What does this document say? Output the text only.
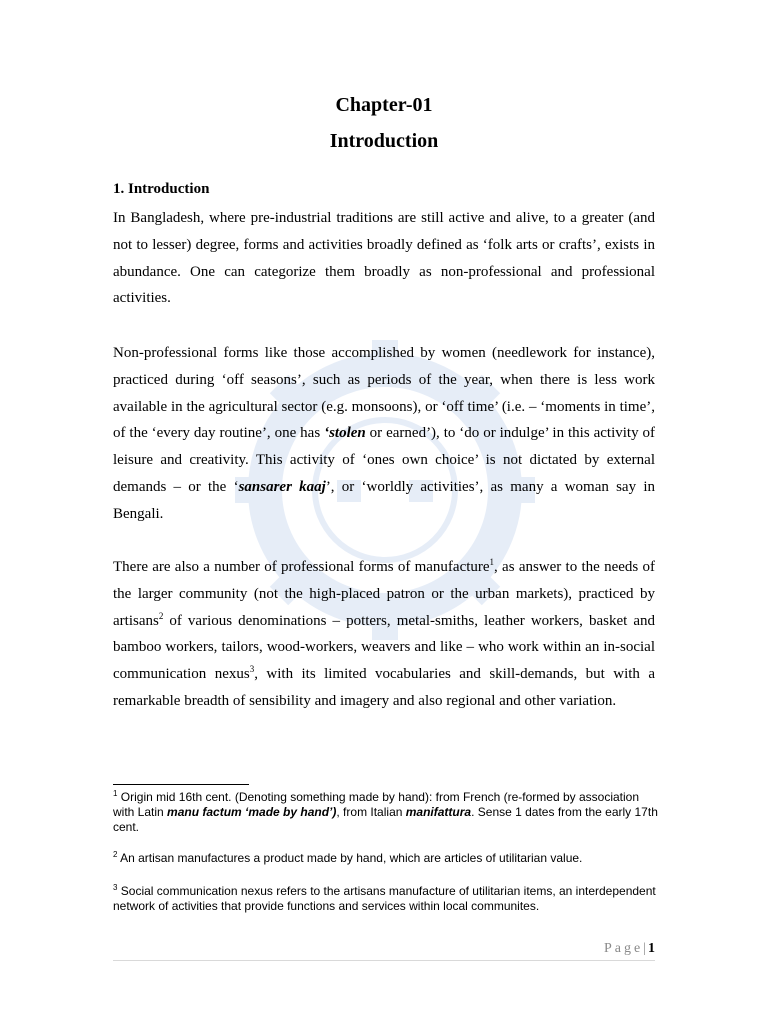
Chapter-01
Introduction
1. Introduction
In Bangladesh, where pre-industrial traditions are still active and alive, to a greater (and not to lesser) degree, forms and activities broadly defined as ‘folk arts or crafts’, exists in abundance. One can categorize them broadly as non-professional and professional activities.
Non-professional forms like those accomplished by women (needlework for instance), practiced during ‘off seasons’, such as periods of the year, when there is less work available in the agricultural sector (e.g. monsoons), or ‘off time’ (i.e. – ‘moments in time’, of the ‘every day routine’, one has ‘stolen or earned’), to ‘do or indulge’ in this activity of leisure and creativity. This activity of ‘ones own choice’ is not dictated by external demands – or the ‘sansarer kaaj’, or ‘worldly activities’, as many a woman say in Bengali.
There are also a number of professional forms of manufacture$^1$, as answer to the needs of the larger community (not the high-placed patron or the urban markets), practiced by artisans$^2$ of various denominations – potters, metal-smiths, leather workers, basket and bamboo workers, tailors, wood-workers, weavers and like – who work within an in-social communication nexus$^3$, with its limited vocabularies and skill-demands, but with a remarkable breadth of sensibility and imagery and also regional and other variation.
$^1$ Origin mid 16th cent. (Denoting something made by hand): from French (re-formed by association with Latin manu factum ‘made by hand’), from Italian manifattura. Sense 1 dates from the early 17th cent.
$^2$ An artisan manufactures a product made by hand, which are articles of utilitarian value.
$^3$ Social communication nexus refers to the artisans manufacture of utilitarian items, an interdependent network of activities that provide functions and services within local communites.
Page| 1
